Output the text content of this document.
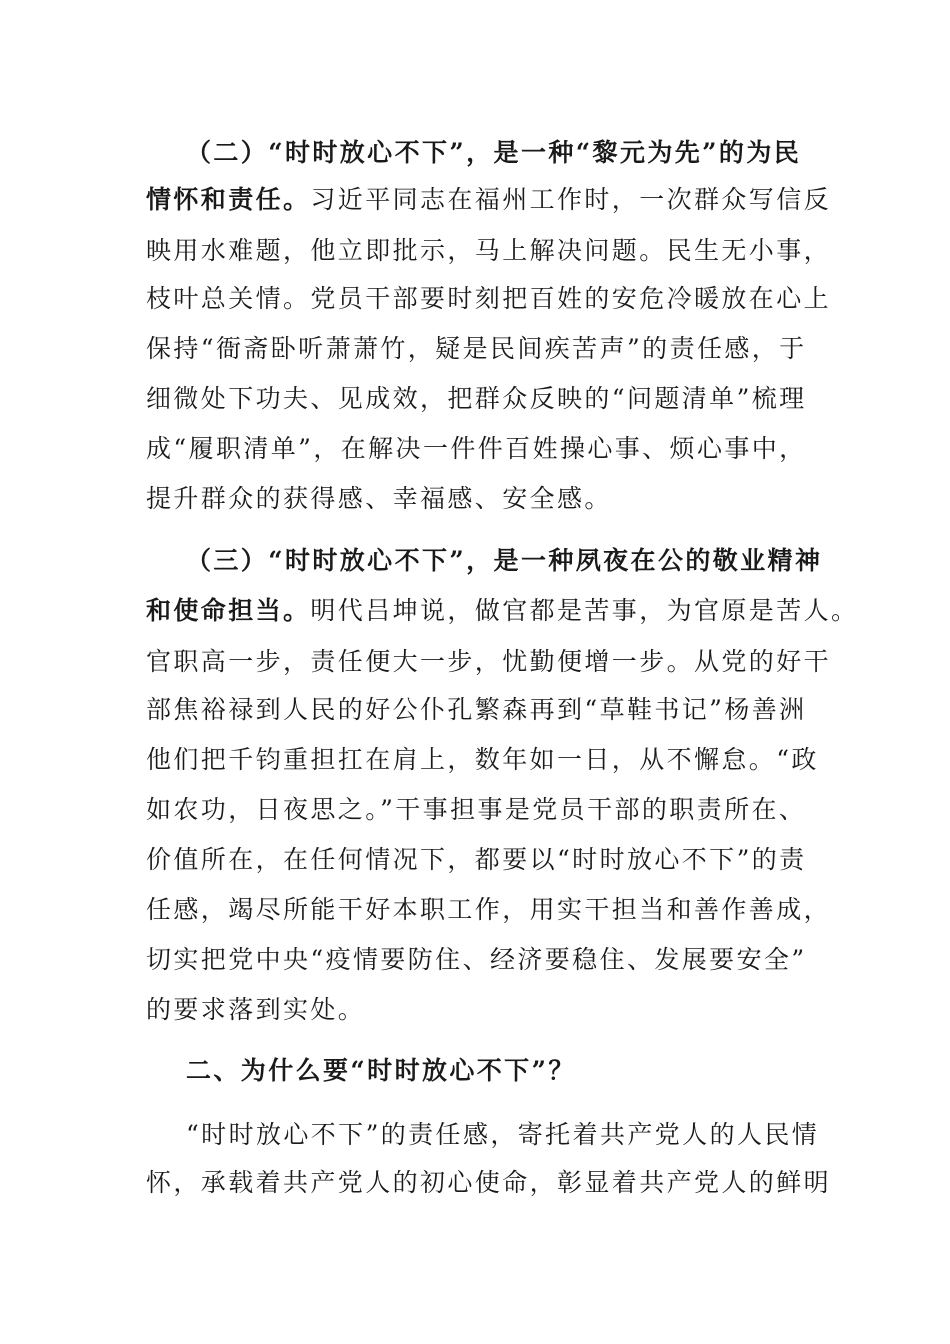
（二）“时时放心不下”，是一种“黎元为先”的为民
情怀和责任。习近平同志在福州工作时，一次群众写信反
映用水难题，他立即批示，马上解决问题。民生无小事，
枝叶总关情。党员干部要时刻把百姓的安危冷暖放在心上
保持“衙斋卧听萧萧竹，疑是民间疾苦声”的责任感，于
细微处下功夫、见成效，把群众反映的“问题清单”梳理
成“履职清单”，在解决一件件百姓操心事、烦心事中，
提升群众的获得感、幸福感、安全感。
（三）“时时放心不下”，是一种夙夜在公的敬业精神
和使命担当。明代吕坤说，做官都是苦事，为官原是苦人。
官职高一步，责任便大一步，忧勤便增一步。从党的好干
部焦裕禄到人民的好公仆孔繁森再到“草鞋书记”杨善洲
他们把千钧重担扛在肩上，数年如一日，从不懈怠。“政
如农功，日夜思之。”干事担事是党员干部的职责所在、
价值所在，在任何情况下，都要以“时时放心不下”的责
任感，竭尽所能干好本职工作，用实干担当和善作善成，
切实把党中央“疫情要防住、经济要稳住、发展要安全”
的要求落到实处。
二、为什么要“时时放心不下”？
“时时放心不下”的责任感，寄托着共产党人的人民情
怀，承载着共产党人的初心使命，彰显着共产党人的鲜明
